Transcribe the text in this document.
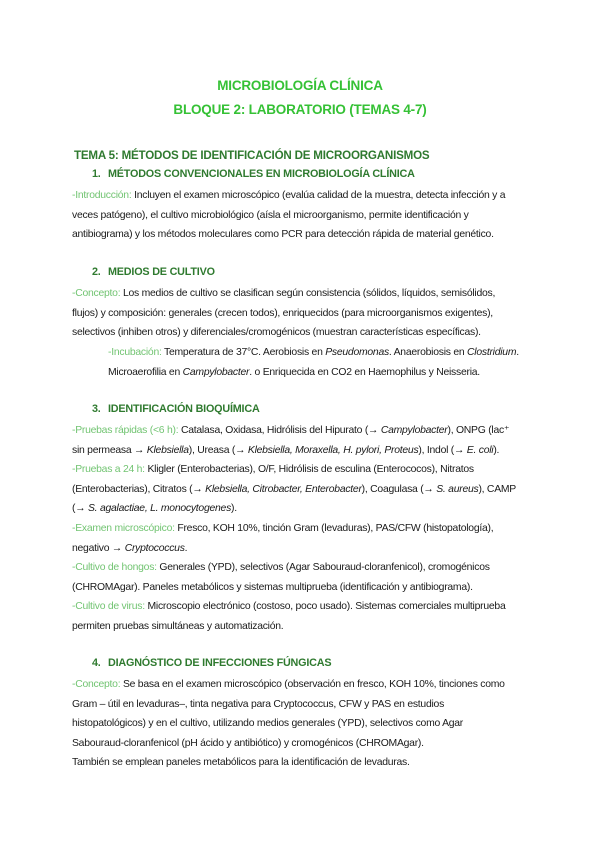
MICROBIOLOGÍA CLÍNICA
BLOQUE 2: LABORATORIO (TEMAS 4-7)
TEMA 5: MÉTODOS DE IDENTIFICACIÓN DE MICROORGANISMOS
1. MÉTODOS CONVENCIONALES EN MICROBIOLOGÍA CLÍNICA
-Introducción: Incluyen el examen microscópico (evalúa calidad de la muestra, detecta infección y a
veces patógeno), el cultivo microbiológico (aísla el microorganismo, permite identificación y
antibiograma) y los métodos moleculares como PCR para detección rápida de material genético.
2. MEDIOS DE CULTIVO
-Concepto: Los medios de cultivo se clasifican según consistencia (sólidos, líquidos, semisólidos,
flujos) y composición: generales (crecen todos), enriquecidos (para microorganismos exigentes),
selectivos (inhiben otros) y diferenciales/cromogénicos (muestran características específicas).
-Incubación: Temperatura de 37°C. Aerobiosis en Pseudomonas. Anaerobiosis en Clostridium.
Microaerofilia en Campylobacter. o Enriquecida en CO2 en Haemophilus y Neisseria.
3. IDENTIFICACIÓN BIOQUÍMICA
-Pruebas rápidas (<6 h): Catalasa, Oxidasa, Hidrólisis del Hipurato (→ Campylobacter), ONPG (lac⁺
sin permeasa → Klebsiella), Ureasa (→ Klebsiella, Moraxella, H. pylori, Proteus), Indol (→ E. coli).
-Pruebas a 24 h: Kligler (Enterobacterias), O/F, Hidrólisis de esculina (Enterococos), Nitratos
(Enterobacterias), Citratos (→ Klebsiella, Citrobacter, Enterobacter), Coagulasa (→ S. aureus), CAMP
(→ S. agalactiae, L. monocytogenes).
-Examen microscópico: Fresco, KOH 10%, tinción Gram (levaduras), PAS/CFW (histopatología),
negativo → Cryptococcus.
-Cultivo de hongos: Generales (YPD), selectivos (Agar Sabouraud-cloranfenicol), cromogénicos
(CHROMAgar). Paneles metabólicos y sistemas multiprueba (identificación y antibiograma).
-Cultivo de virus: Microscopio electrónico (costoso, poco usado). Sistemas comerciales multiprueba
permiten pruebas simultáneas y automatización.
4. DIAGNÓSTICO DE INFECCIONES FÚNGICAS
-Concepto: Se basa en el examen microscópico (observación en fresco, KOH 10%, tinciones como
Gram – útil en levaduras–, tinta negativa para Cryptococcus, CFW y PAS en estudios
histopatológicos) y en el cultivo, utilizando medios generales (YPD), selectivos como Agar
Sabouraud-cloranfenicol (pH ácido y antibiótico) y cromogénicos (CHROMAgar).
También se emplean paneles metabólicos para la identificación de levaduras.
